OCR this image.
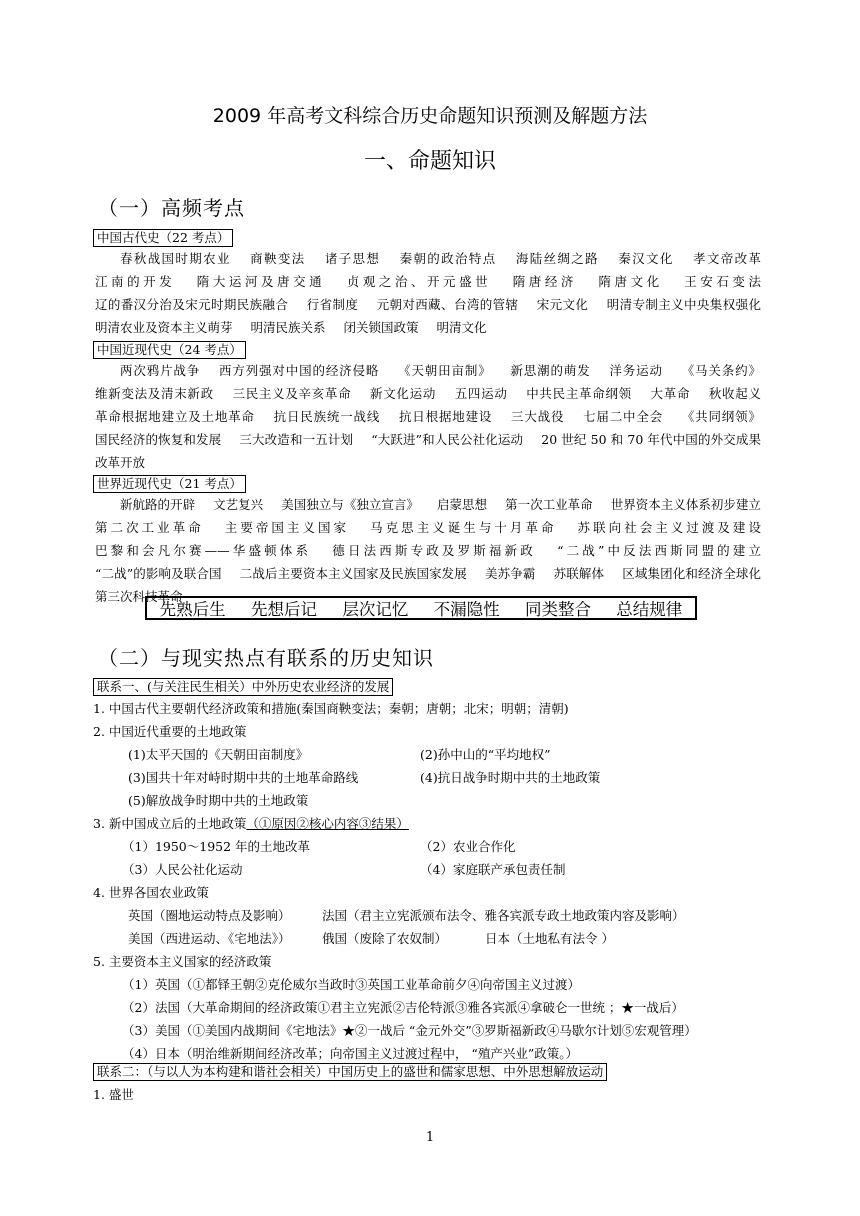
2009 年高考文科综合历史命题知识预测及解题方法
一、命题知识
（一）高频考点
中国古代史（22 考点）
春秋战国时期农业 商鞅变法 诸子思想 秦朝的政治特点 海陆丝绸之路 秦汉文化 孝文帝改革 江南的开发 隋大运河及唐交通 贞观之治、开元盛世 隋唐经济 隋唐文化 王安石变法 辽的番汉分治及宋元时期民族融合 行省制度 元朝对西藏、台湾的管辖 宋元文化 明清专制主义中央集权强化 明清农业及资本主义萌芽 明清民族关系 闭关锁国政策 明清文化
中国近现代史（24 考点）
两次鸦片战争 西方列强对中国的经济侵略 《天朝田亩制》 新思潮的萌发 洋务运动 《马关条约》 维新变法及清末新政 三民主义及辛亥革命 新文化运动 五四运动 中共民主革命纲领 大革命 秋收起义 革命根据地建立及土地革命 抗日民族统一战线 抗日根据地建设 三大战役 七届二中全会 《共同纲领》 国民经济的恢复和发展 三大改造和一五计划 “大跃进”和人民公社化运动 20 世纪 50 和 70 年代中国的外交成果 改革开放
世界近现代史（21 考点）
新航路的开辟 文艺复兴 美国独立与《独立宣言》 启蒙思想 第一次工业革命 世界资本主义体系初步建立 第二次工业革命 主要帝国主义国家 马克思主义诞生与十月革命 苏联向社会主义过渡及建设 巴黎和会凡尔赛——华盛顿体系 德日法西斯专政及罗斯福新政 “二战”中反法西斯同盟的建立 “二战”的影响及联合国 二战后主要资本主义国家及民族国家发展 美苏争霸 苏联解体 区域集团化和经济全球化 第三次科技革命
先熟后生 先想后记 层次记忆 不漏隐性 同类整合 总结规律
（二）与现实热点有联系的历史知识
联系一、(与关注民生相关）中外历史农业经济的发展
1. 中国古代主要朝代经济政策和措施(秦国商鞅变法；秦朝；唐朝；北宋；明朝；清朝)
2. 中国近代重要的土地政策
(1)太平天国的《天朝田亩制度》	(2)孙中山的“平均地权”
(3)国共十年对峙时期中共的土地革命路线	(4)抗日战争时期中共的土地政策
(5)解放战争时期中共的土地政策
3. 新中国成立后的土地政策（①原因②核心内容③结果）
（1）1950～1952 年的土地改革	（2）农业合作化
（3）人民公社化运动	（4）家庭联产承包责任制
4. 世界各国农业政策
英国（圈地运动特点及影响）	法国（君主立宪派颁布法令、雅各宾派专政土地政策内容及影响）
美国（西进运动、《宅地法》）	俄国（废除了农奴制）	日本（土地私有法令 ）
5. 主要资本主义国家的经济政策
（1）英国（①都铎王朝②克伦威尔当政时③英国工业革命前夕④向帝国主义过渡）
（2）法国（大革命期间的经济政策①君主立宪派②吉伦特派③雅各宾派④拿破仑一世统 ；★一战后）
（3）美国（①美国内战期间《宅地法》★②一战后 “金元外交”③罗斯福新政④马歇尔计划⑤宏观管理）
（4）日本（明治维新期间经济改革；向帝国主义过渡过程中， “殖产兴业”政策。）
联系二：（与以人为本构建和谐社会相关）中国历史上的盛世和儒家思想、中外思想解放运动
1. 盛世
1
